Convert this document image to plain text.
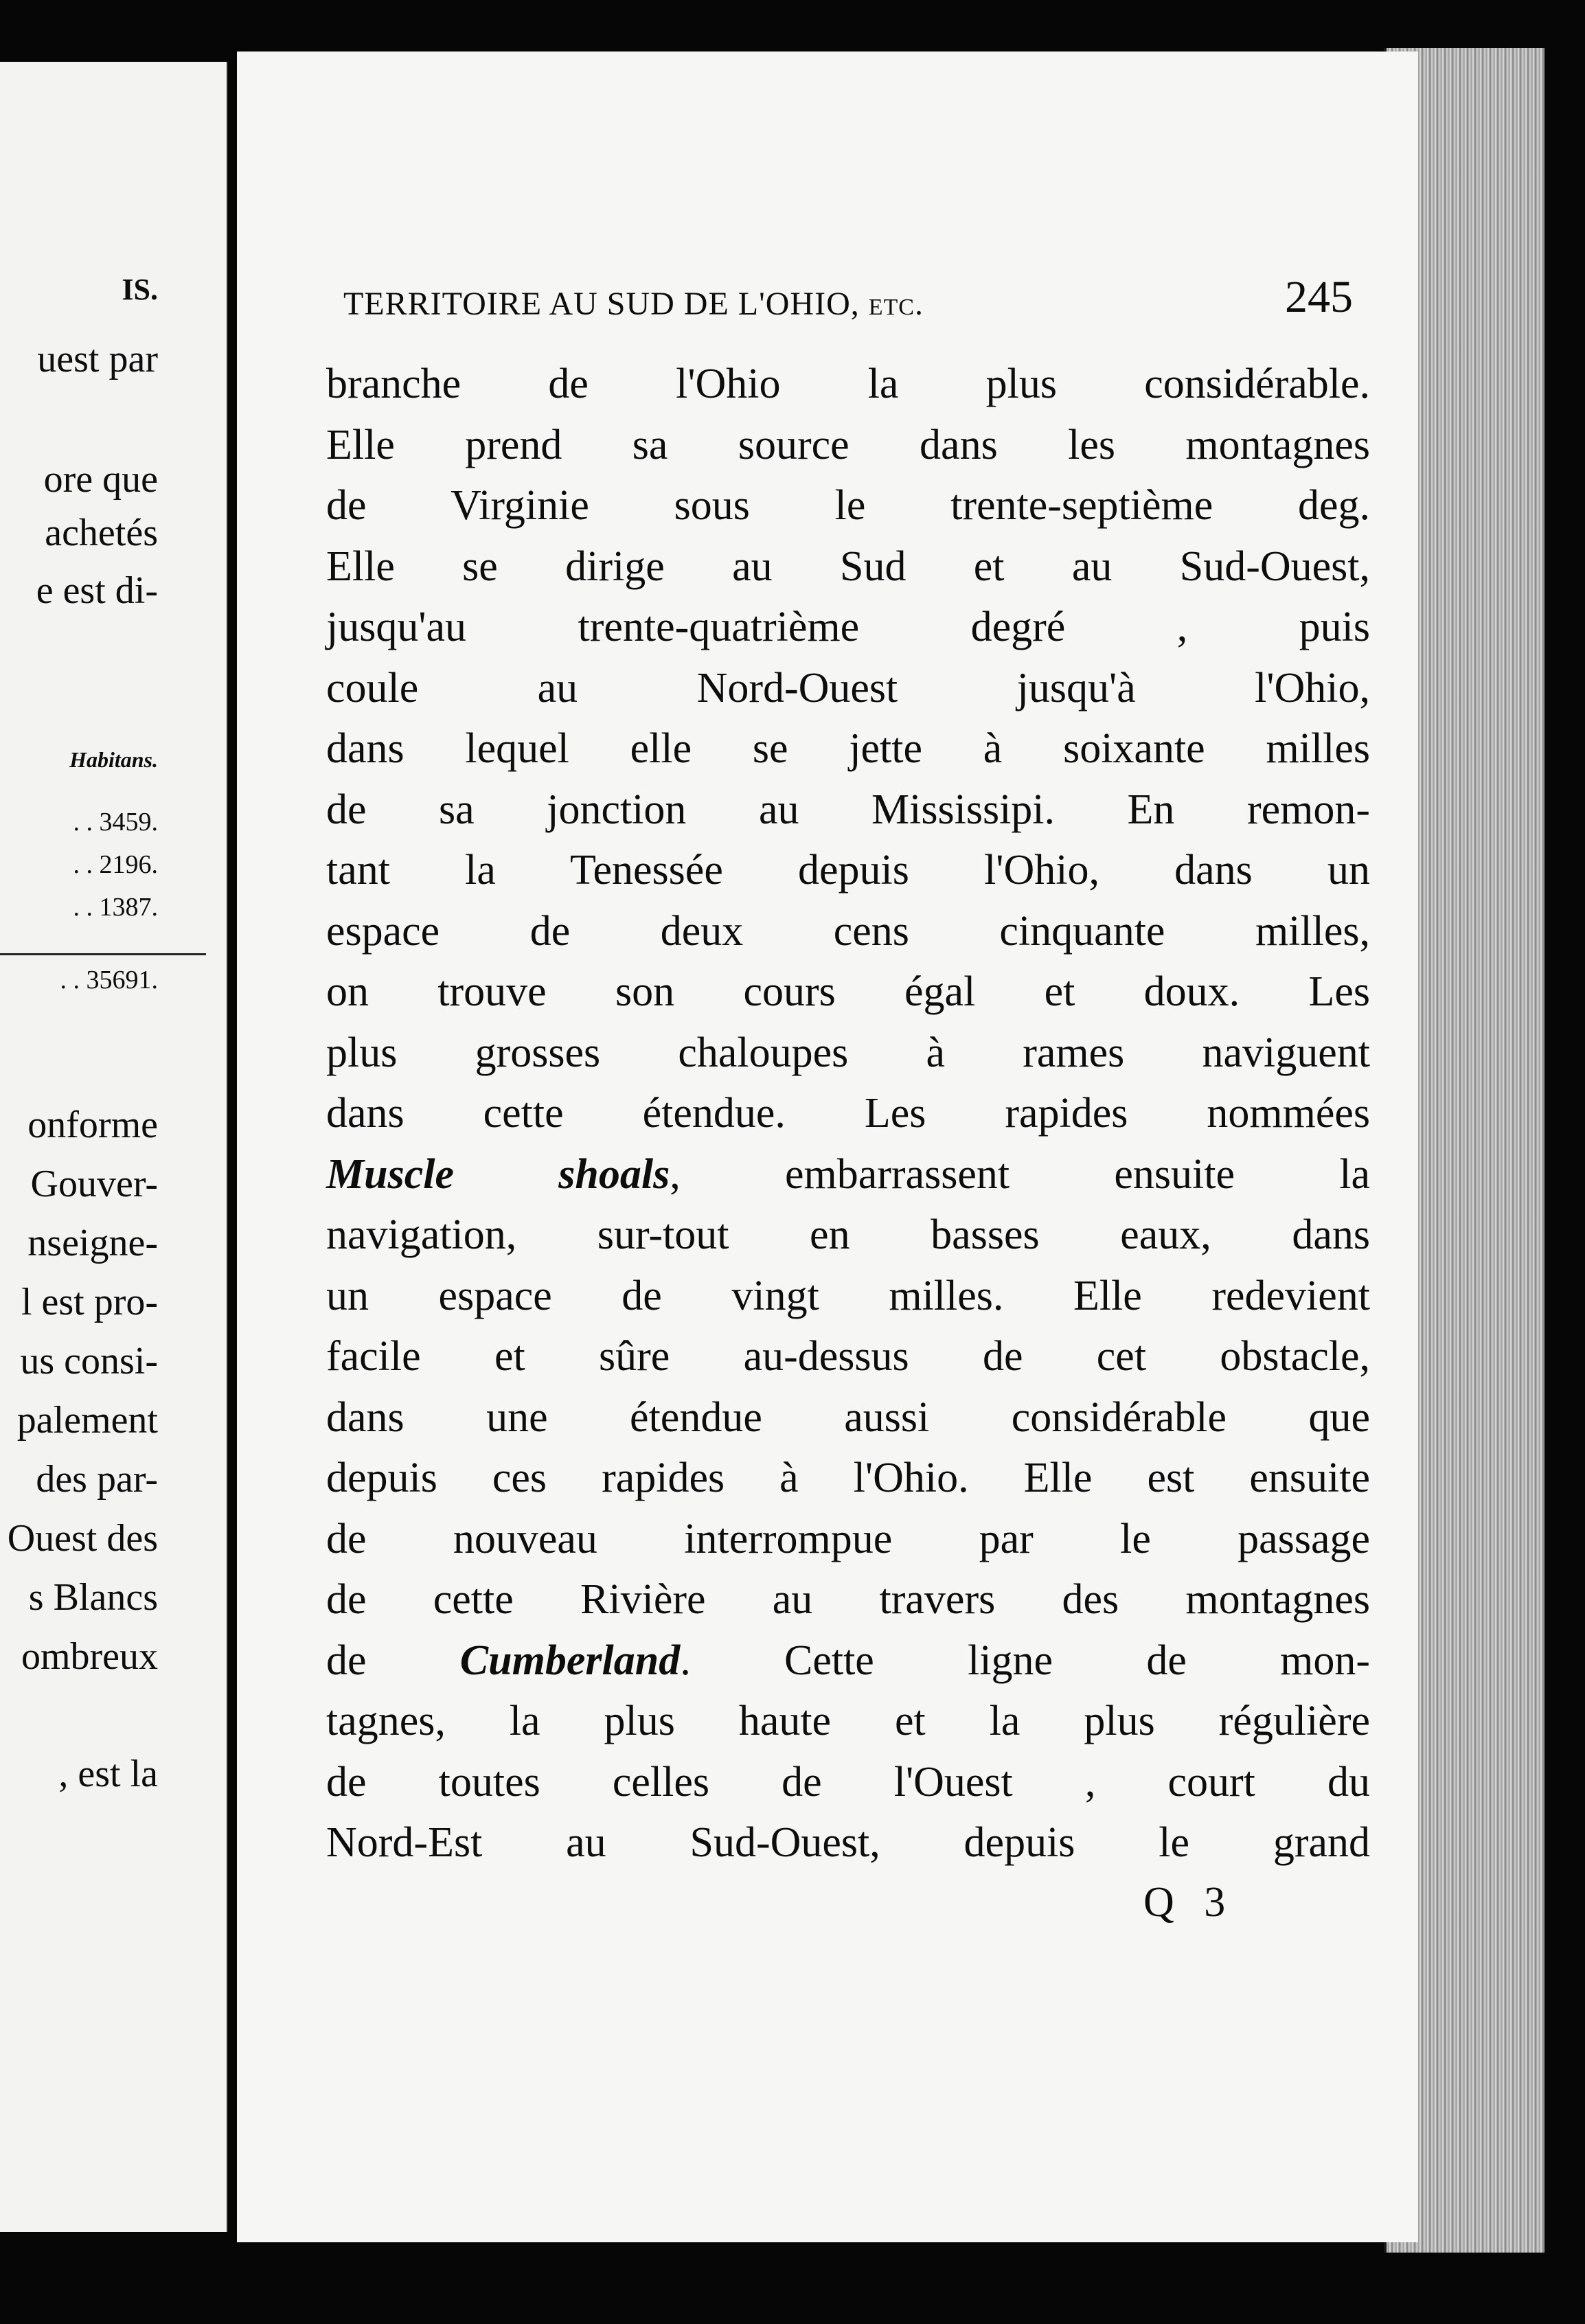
IS.
uest par
ore que
achetés
e est di-
Habitans.
. . 3459.
. . 2196.
. . 1387.
. . 35691.
onforme
Gouver-
nseigne-
l est pro-
us consi-
palement
des par-
Ouest des
s Blancs
ombreux
, est la
TERRITOIRE AU SUD DE L'OHIO, etc.	245
branche de l'Ohio la plus considérable.
Elle prend sa source dans les montagnes
de Virginie sous le trente-septième deg.
Elle se dirige au Sud et au Sud-Ouest,
jusqu'au trente-quatrième degré , puis
coule au Nord-Ouest jusqu'à l'Ohio,
dans lequel elle se jette à soixante milles
de sa jonction au Mississipi. En remon-
tant la Tenessée depuis l'Ohio, dans un
espace de deux cens cinquante milles,
on trouve son cours égal et doux. Les
plus grosses chaloupes à rames naviguent
dans cette étendue. Les rapides nommées
Muscle shoals, embarrassent ensuite la
navigation, sur-tout en basses eaux, dans
un espace de vingt milles. Elle redevient
facile et sûre au-dessus de cet obstacle,
dans une étendue aussi considérable que
depuis ces rapides à l'Ohio. Elle est ensuite
de nouveau interrompue par le passage
de cette Rivière au travers des montagnes
de Cumberland. Cette ligne de mon-
tagnes, la plus haute et la plus régulière
de toutes celles de l'Ouest , court du
Nord-Est au Sud-Ouest, depuis le grand
Q 3
